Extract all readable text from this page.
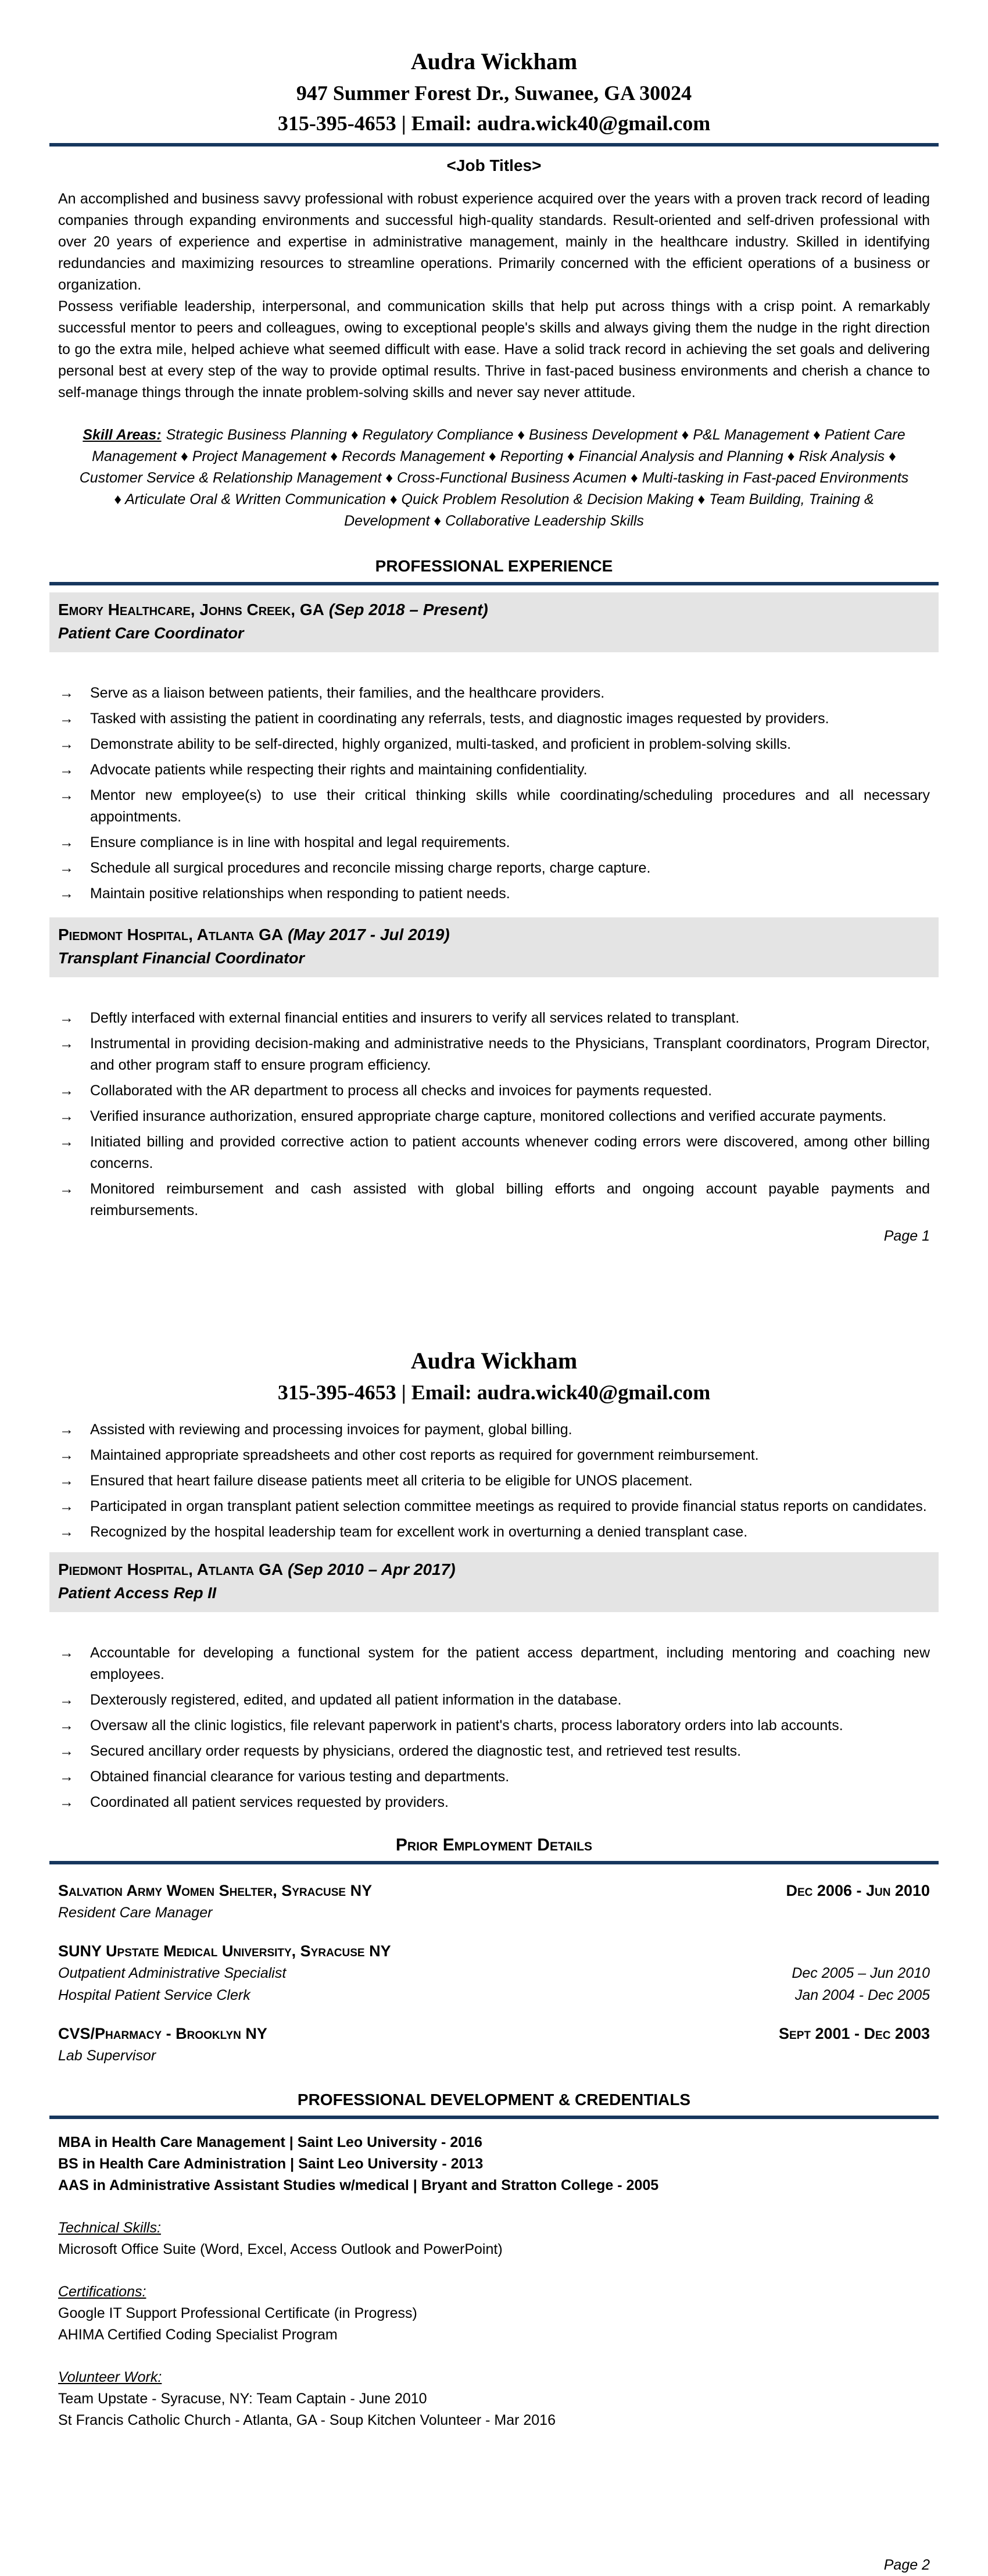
Audra Wickham
947 Summer Forest Dr., Suwanee, GA 30024
315-395-4653 | Email: audra.wick40@gmail.com
<Job Titles>

An accomplished and business savvy professional with robust experience acquired over the years with a proven track record of leading companies through expanding environments and successful high-quality standards. Result-oriented and self-driven professional with over 20 years of experience and expertise in administrative management, mainly in the healthcare industry. Skilled in identifying redundancies and maximizing resources to streamline operations. Primarily concerned with the efficient operations of a business or organization.

Possess verifiable leadership, interpersonal, and communication skills that help put across things with a crisp point. A remarkably successful mentor to peers and colleagues, owing to exceptional people's skills and always giving them the nudge in the right direction to go the extra mile, helped achieve what seemed difficult with ease. Have a solid track record in achieving the set goals and delivering personal best at every step of the way to provide optimal results. Thrive in fast-paced business environments and cherish a chance to self-manage things through the innate problem-solving skills and never say never attitude.

Skill Areas: Strategic Business Planning ♦ Regulatory Compliance ♦ Business Development ♦ P&L Management ♦ Patient Care Management ♦ Project Management ♦ Records Management ♦ Reporting ♦ Financial Analysis and Planning ♦ Risk Analysis ♦ Customer Service & Relationship Management ♦ Cross-Functional Business Acumen ♦ Multi-tasking in Fast-paced Environments ♦ Articulate Oral & Written Communication ♦ Quick Problem Resolution & Decision Making ♦ Team Building, Training & Development ♦ Collaborative Leadership Skills

PROFESSIONAL EXPERIENCE
Emory Healthcare, Johns Creek, GA (Sep 2018 – Present)
Patient Care Coordinator
→ Serve as a liaison between patients, their families, and the healthcare providers.
→ Tasked with assisting the patient in coordinating any referrals, tests, and diagnostic images requested by providers.
→ Demonstrate ability to be self-directed, highly organized, multi-tasked, and proficient in problem-solving skills.
→ Advocate patients while respecting their rights and maintaining confidentiality.
→ Mentor new employee(s) to use their critical thinking skills while coordinating/scheduling procedures and all necessary appointments.
→ Ensure compliance is in line with hospital and legal requirements.
→ Schedule all surgical procedures and reconcile missing charge reports, charge capture.
→ Maintain positive relationships when responding to patient needs.
Piedmont Hospital, Atlanta GA (May 2017 - Jul 2019)
Transplant Financial Coordinator
→ Deftly interfaced with external financial entities and insurers to verify all services related to transplant.
→ Instrumental in providing decision-making and administrative needs to the Physicians, Transplant coordinators, Program Director, and other program staff to ensure program efficiency.
→ Collaborated with the AR department to process all checks and invoices for payments requested.
→ Verified insurance authorization, ensured appropriate charge capture, monitored collections and verified accurate payments.
→ Initiated billing and provided corrective action to patient accounts whenever coding errors were discovered, among other billing concerns.
→ Monitored reimbursement and cash assisted with global billing efforts and ongoing account payable payments and reimbursements.
Page 1
Audra Wickham
315-395-4653 | Email: audra.wick40@gmail.com
→ Assisted with reviewing and processing invoices for payment, global billing.
→ Maintained appropriate spreadsheets and other cost reports as required for government reimbursement.
→ Ensured that heart failure disease patients meet all criteria to be eligible for UNOS placement.
→ Participated in organ transplant patient selection committee meetings as required to provide financial status reports on candidates.
→ Recognized by the hospital leadership team for excellent work in overturning a denied transplant case.
Piedmont Hospital, Atlanta GA (Sep 2010 – Apr 2017)
Patient Access Rep II
→ Accountable for developing a functional system for the patient access department, including mentoring and coaching new employees.
→ Dexterously registered, edited, and updated all patient information in the database.
→ Oversaw all the clinic logistics, file relevant paperwork in patient's charts, process laboratory orders into lab accounts.
→ Secured ancillary order requests by physicians, ordered the diagnostic test, and retrieved test results.
→ Obtained financial clearance for various testing and departments.
→ Coordinated all patient services requested by providers.
Prior Employment Details
Salvation Army Women Shelter, Syracuse NY	Dec 2006 - Jun 2010
Resident Care Manager
SUNY Upstate Medical University, Syracuse NY
Outpatient Administrative Specialist	Dec 2005 – Jun 2010
Hospital Patient Service Clerk	Jan 2004 - Dec 2005
CVS/Pharmacy - Brooklyn NY	Sept 2001 - Dec 2003
Lab Supervisor
PROFESSIONAL DEVELOPMENT & CREDENTIALS
MBA in Health Care Management | Saint Leo University - 2016
BS in Health Care Administration | Saint Leo University - 2013
AAS in Administrative Assistant Studies w/medical | Bryant and Stratton College - 2005
Technical Skills:
Microsoft Office Suite (Word, Excel, Access Outlook and PowerPoint)
Certifications:
Google IT Support Professional Certificate (in Progress)
AHIMA Certified Coding Specialist Program
Volunteer Work:
Team Upstate - Syracuse, NY: Team Captain - June 2010
St Francis Catholic Church - Atlanta, GA - Soup Kitchen Volunteer - Mar 2016
Page 2
